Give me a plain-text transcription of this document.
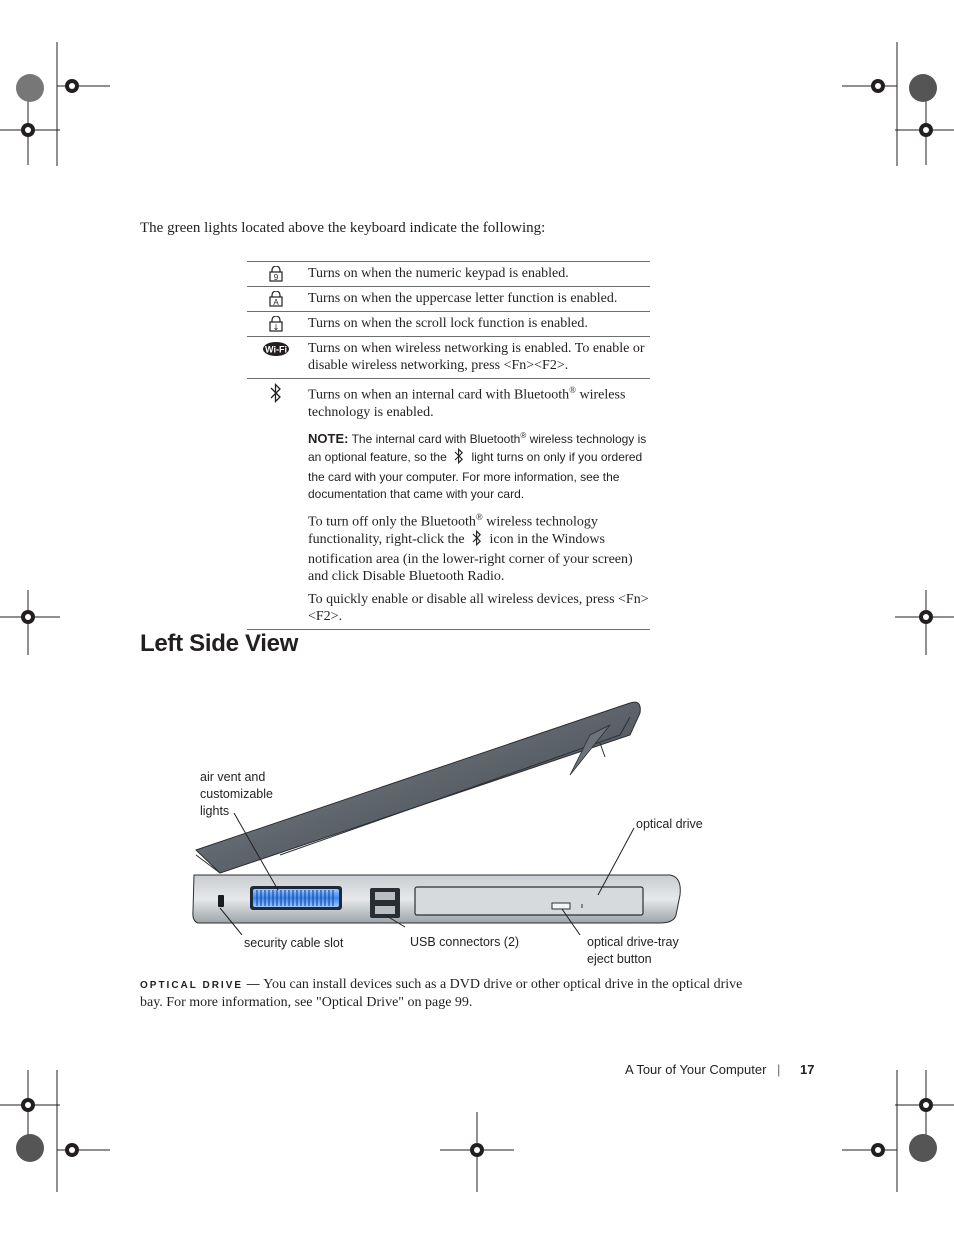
The green lights located above the keyboard indicate the following:
9 Turns on when the numeric keypad is enabled.
A Turns on when the uppercase letter function is enabled.
↓ Turns on when the scroll lock function is enabled.
Wi-Fi Turns on when wireless networking is enabled. To enable or disable wireless networking, press <Fn><F2>.

Turns on when an internal card with Bluetooth® wireless technology is enabled.

NOTE: The internal card with Bluetooth® wireless technology is an optional feature, so the  light turns on only if you ordered the card with your computer. For more information, see the documentation that came with your card.

To turn off only the Bluetooth® wireless technology functionality, right-click the  icon in the Windows notification area (in the lower-right corner of your screen) and click Disable Bluetooth Radio.

To quickly enable or disable all wireless devices, press <Fn><F2>.

Left Side View
air vent and
customizable
lights
optical drive
security cable slot	USB connectors (2)	optical drive-tray
eject button
OPTICAL DRIVE — You can install devices such as a DVD drive or other optical drive in the optical drive bay. For more information, see "Optical Drive" on page 99.
A Tour of Your Computer | 17
